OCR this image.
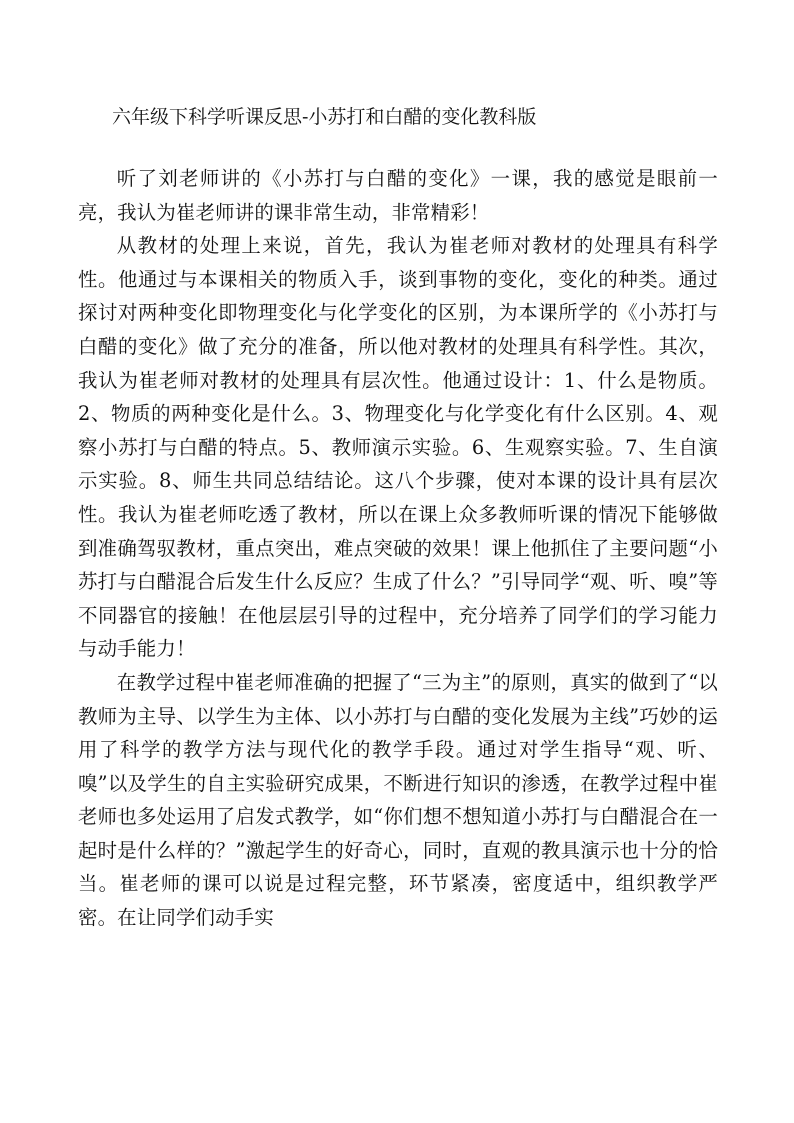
六年级下科学听课反思-小苏打和白醋的变化教科版

听了刘老师讲的《小苏打与白醋的变化》一课，我的感觉是眼前一亮，我认为崔老师讲的课非常生动，非常精彩！

从教材的处理上来说，首先，我认为崔老师对教材的处理具有科学性。他通过与本课相关的物质入手，谈到事物的变化，变化的种类。通过探讨对两种变化即物理变化与化学变化的区别，为本课所学的《小苏打与白醋的变化》做了充分的准备，所以他对教材的处理具有科学性。其次，我认为崔老师对教材的处理具有层次性。他通过设计：1、什么是物质。2、物质的两种变化是什么。3、物理变化与化学变化有什么区别。4、观察小苏打与白醋的特点。5、教师演示实验。6、生观察实验。7、生自演示实验。8、师生共同总结结论。这八个步骤，使对本课的设计具有层次性。我认为崔老师吃透了教材，所以在课上众多教师听课的情况下能够做到准确驾驭教材，重点突出，难点突破的效果！课上他抓住了主要问题“小苏打与白醋混合后发生什么反应？生成了什么？”引导同学“观、听、嗅”等不同器官的接触！在他层层引导的过程中，充分培养了同学们的学习能力与动手能力！

在教学过程中崔老师准确的把握了“三为主”的原则，真实的做到了“以教师为主导、以学生为主体、以小苏打与白醋的变化发展为主线”巧妙的运用了科学的教学方法与现代化的教学手段。通过对学生指导“观、听、嗅”以及学生的自主实验研究成果，不断进行知识的渗透，在教学过程中崔老师也多处运用了启发式教学，如“你们想不想知道小苏打与白醋混合在一起时是什么样的？”激起学生的好奇心，同时，直观的教具演示也十分的恰当。崔老师的课可以说是过程完整，环节紧凑，密度适中，组织教学严密。在让同学们动手实
